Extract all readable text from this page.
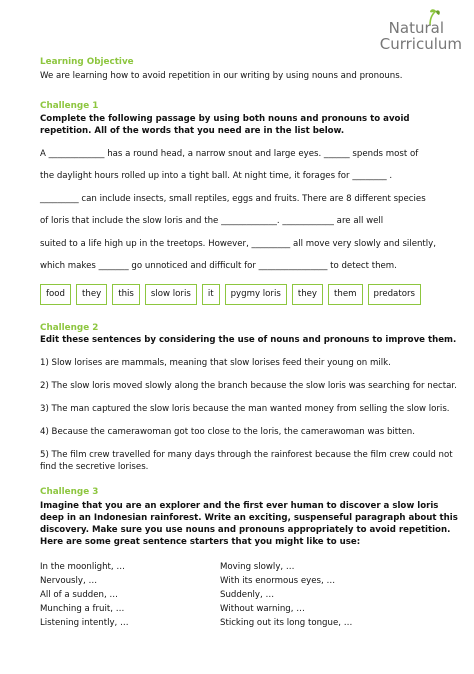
Natural
Curriculum

Learning Objective

We are learning how to avoid repetition in our writing by using nouns and pronouns.

Challenge 1

Complete the following passage by using both nouns and pronouns to avoid repetition. All of the words that you need are in the list below.

A _____________ has a round head, a narrow snout and large eyes. ______ spends most of
the daylight hours rolled up into a tight ball. At night time, it forages for ________ .
_________ can include insects, small reptiles, eggs and fruits. There are 8 different species
of loris that include the slow loris and the _____________. ____________ are all well
suited to a life high up in the treetops. However, _________ all move very slowly and silently,
which makes _______ go unnoticed and difficult for ________________ to detect them.
food	they	this	slow loris	it	pygmy loris	they	them	predators

Challenge 2

Edit these sentences by considering the use of nouns and pronouns to improve them.

1) Slow lorises are mammals, meaning that slow lorises feed their young on milk.

2) The slow loris moved slowly along the branch because the slow loris was searching for nectar.

3) The man captured the slow loris because the man wanted money from selling the slow loris.

4) Because the camerawoman got too close to the loris, the camerawoman was bitten.

5) The film crew travelled for many days through the rainforest because the film crew could not find the secretive lorises.

Challenge 3

Imagine that you are an explorer and the first ever human to discover a slow loris deep in an Indonesian rainforest. Write an exciting, suspenseful paragraph about this discovery. Make sure you use nouns and pronouns appropriately to avoid repetition. Here are some great sentence starters that you might like to use:

In the moonlight, …	Moving slowly, …
Nervously, …	With its enormous eyes, …
All of a sudden, …	Suddenly, …
Munching a fruit, …	Without warning, …
Listening intently, …	Sticking out its long tongue, …
